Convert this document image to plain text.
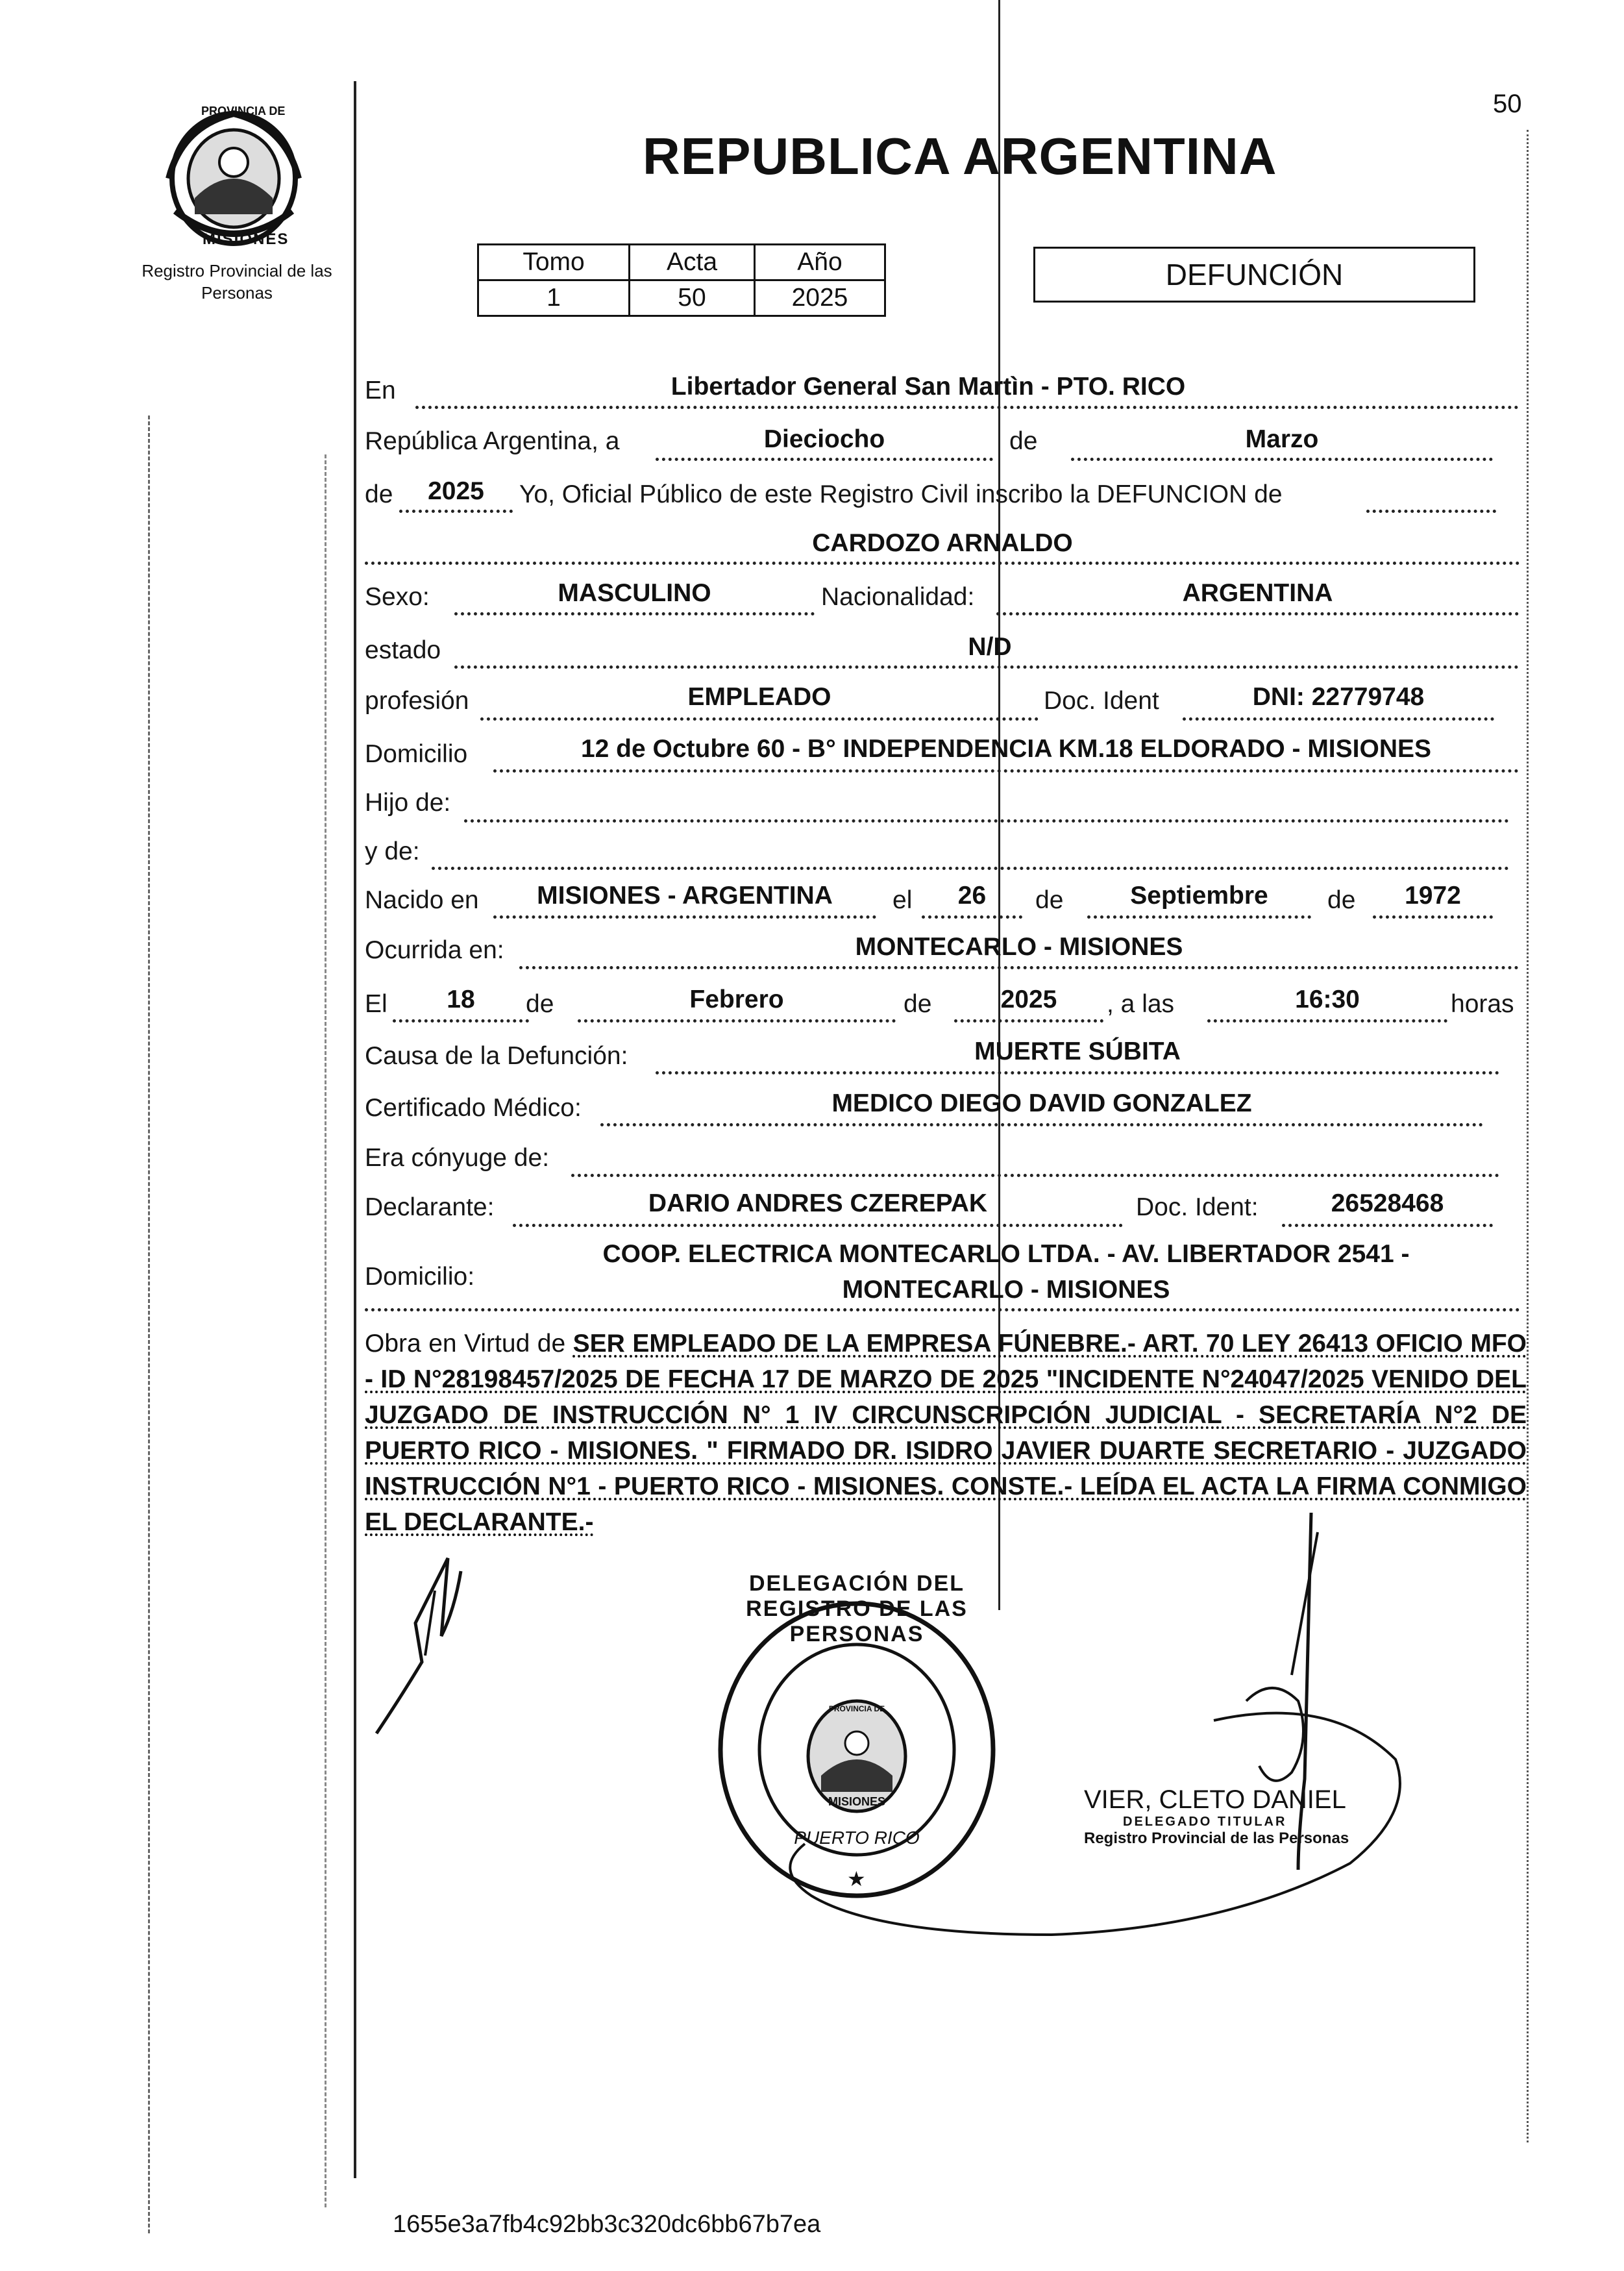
50
PROVINCIA DE
MISIONES
Registro Provincial de las Personas
REPUBLICA ARGENTINA
Tomo	Acta	Año
1	50	2025
DEFUNCIÓN
En	Libertador General San Martìn - PTO. RICO
República Argentina, a	Dieciocho	de	Marzo
de	2025	Yo, Oficial Público de este Registro Civil inscribo la DEFUNCION de
CARDOZO ARNALDO
Sexo:	MASCULINO	Nacionalidad:	ARGENTINA
estado	N/D
profesión	EMPLEADO	Doc. Ident	DNI: 22779748
Domicilio	12 de Octubre 60 - B° INDEPENDENCIA KM.18 ELDORADO - MISIONES
Hijo de:
y de:
Nacido en	MISIONES - ARGENTINA	el	26	de	Septiembre	de	1972
Ocurrida en:	MONTECARLO - MISIONES
El	18	de	Febrero	de	2025	, a las	16:30	horas
Causa de la Defunción:	MUERTE SÚBITA
Certificado Médico:	MEDICO DIEGO DAVID GONZALEZ
Era cónyuge de:
Declarante:	DARIO ANDRES CZEREPAK	Doc. Ident:	26528468
Domicilio:
COOP. ELECTRICA MONTECARLO LTDA. - AV. LIBERTADOR 2541 -
MONTECARLO - MISIONES
Obra en Virtud de SER EMPLEADO DE LA EMPRESA FÚNEBRE.- ART. 70 LEY 26413 OFICIO MFO - ID N°28198457/2025 DE FECHA 17 DE MARZO DE 2025 "INCIDENTE N°24047/2025 VENIDO DEL JUZGADO DE INSTRUCCIÓN N° 1 IV CIRCUNSCRIPCIÓN JUDICIAL - SECRETARÍA N°2 DE PUERTO RICO - MISIONES. " FIRMADO DR. ISIDRO JAVIER DUARTE SECRETARIO - JUZGADO INSTRUCCIÓN N°1 - PUERTO RICO - MISIONES. CONSTE.- LEÍDA EL ACTA LA FIRMA CONMIGO EL DECLARANTE.-
DELEGACIÓN DEL REGISTRO DE LAS PERSONAS
PUERTO RICO
PROVINCIA DE
MISIONES
★
VIER, CLETO DANIEL
DELEGADO TITULAR
Registro Provincial de las Personas
1655e3a7fb4c92bb3c320dc6bb67b7ea
